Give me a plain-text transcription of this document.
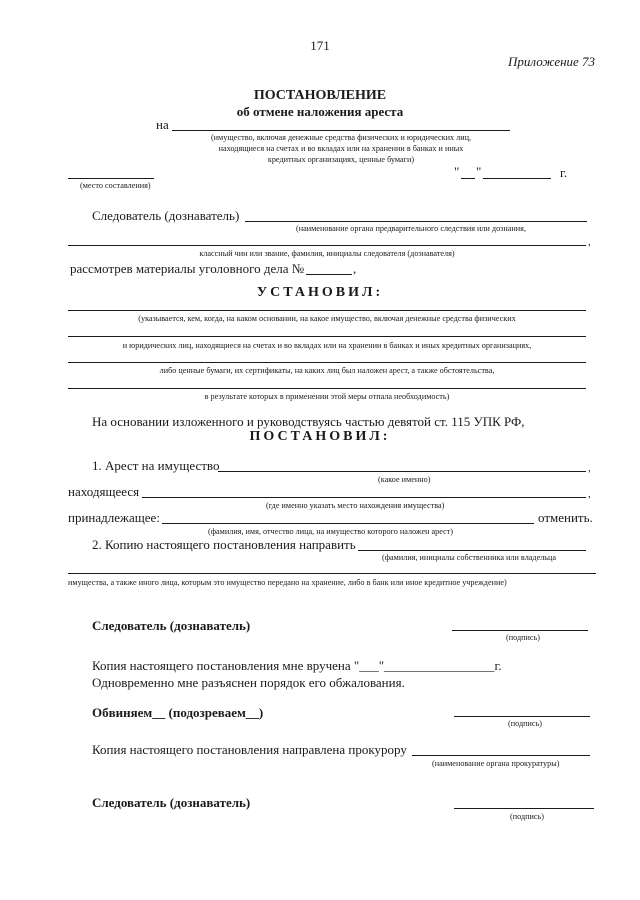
171
Приложение 73
ПОСТАНОВЛЕНИЕ
об отмене наложения ареста
на
(имущество, включая денежные средства физических и юридических лиц,
находящиеся на счетах и во вкладах или на хранении в банках и иных
кредитных организациях, ценные бумаги)
(место составления)
" "	г.
Следователь (дознаватель)
(наименование органа предварительного следствия или дознания,
,
классный чин или звание, фамилия, инициалы следователя (дознавателя)
рассмотрев материалы уголовного дела №	,
УСТАНОВИЛ:
(указывается, кем, когда, на каком основании, на какое имущество, включая денежные средства физических
и юридических лиц, находящиеся на счетах и во вкладах или на хранении в банках и иных кредитных организациях,
либо ценные бумаги, их сертификаты, на каких лиц был наложен арест, а также обстоятельства,
в результате которых в применении этой меры отпала необходимость)
На основании изложенного и руководствуясь частью девятой ст. 115 УПК РФ,
ПОСТАНОВИЛ:
1. Арест на имущество	,
(какое именно)
находящееся	,
(где именно указать место нахождения имущества)
принадлежащее:	отменить.
(фамилия, имя, отчество лица, на имущество которого наложен арест)
2. Копию настоящего постановления направить
(фамилия, инициалы собственника или владельца
имущества, а также иного лица, которым это имущество передано на хранение, либо в банк или иное кредитное учреждение)
Следователь (дознаватель)
(подпись)
Копия настоящего постановления мне вручена "___"_________________г.
Одновременно мне разъяснен порядок его обжалования.
Обвиняем__ (подозреваем__)
(подпись)
Копия настоящего постановления направлена прокурору
(наименование органа прокуратуры)
Следователь (дознаватель)
(подпись)
